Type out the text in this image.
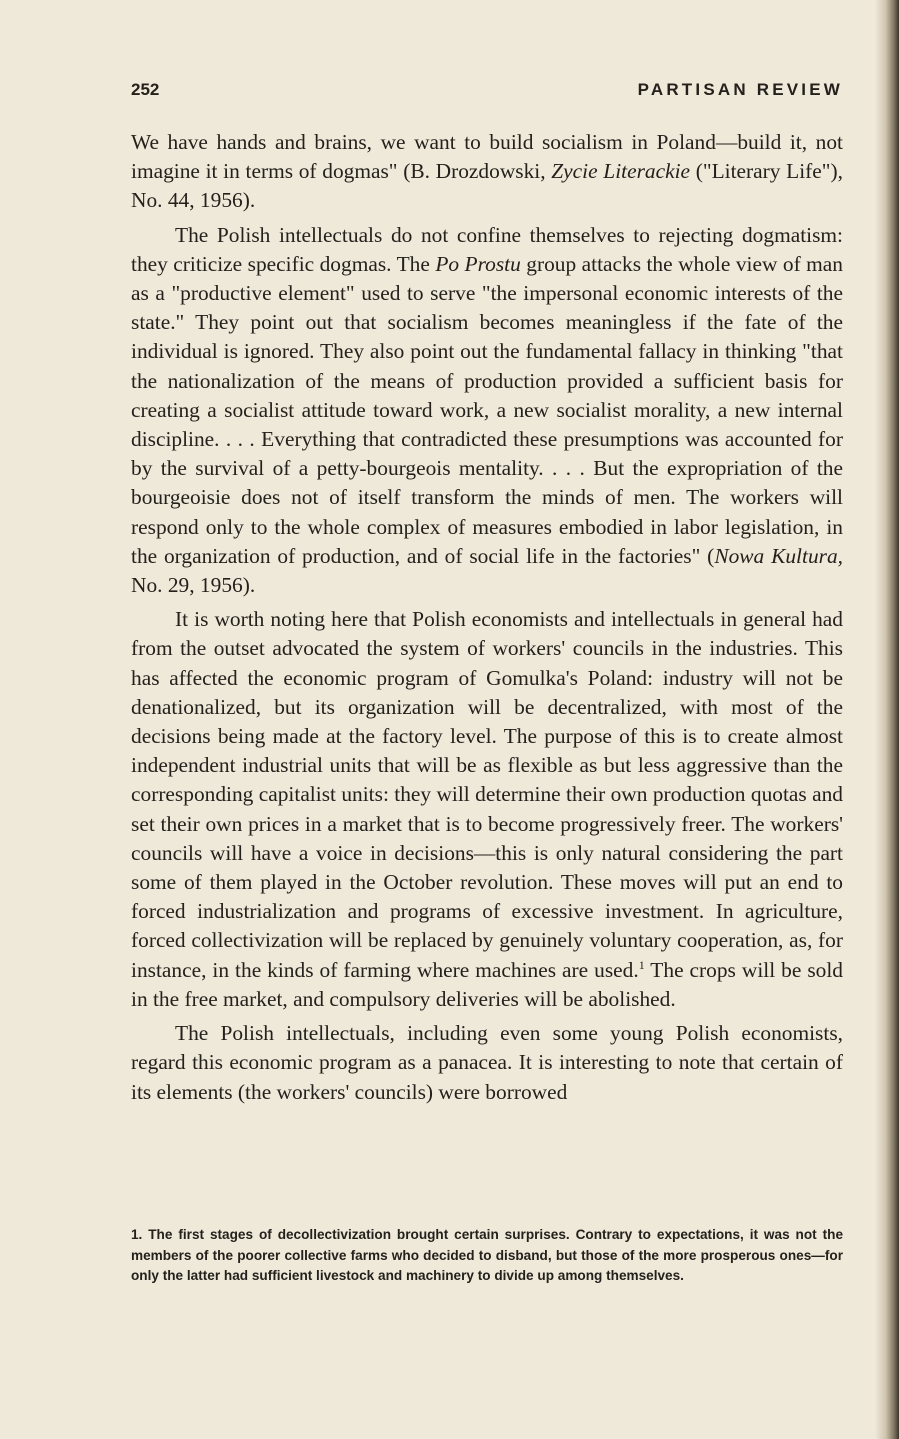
252	PARTISAN REVIEW

We have hands and brains, we want to build socialism in Poland—build it, not imagine it in terms of dogmas" (B. Drozdowski, Zycie Literackie ("Literary Life"), No. 44, 1956).

The Polish intellectuals do not confine themselves to rejecting dogmatism: they criticize specific dogmas. The Po Prostu group attacks the whole view of man as a "productive element" used to serve "the impersonal economic interests of the state." They point out that socialism becomes meaningless if the fate of the individual is ignored. They also point out the fundamental fallacy in thinking "that the nationalization of the means of production provided a sufficient basis for creating a socialist attitude toward work, a new socialist morality, a new internal discipline. . . . Everything that contradicted these presumptions was accounted for by the survival of a petty-bourgeois mentality. . . . But the expropriation of the bourgeoisie does not of itself transform the minds of men. The workers will respond only to the whole complex of measures embodied in labor legislation, in the organization of production, and of social life in the factories" (Nowa Kultura, No. 29, 1956).

It is worth noting here that Polish economists and intellectuals in general had from the outset advocated the system of workers' councils in the industries. This has affected the economic program of Gomulka's Poland: industry will not be denationalized, but its organization will be decentralized, with most of the decisions being made at the factory level. The purpose of this is to create almost independent industrial units that will be as flexible as but less aggressive than the corresponding capitalist units: they will determine their own production quotas and set their own prices in a market that is to become progressively freer. The workers' councils will have a voice in decisions—this is only natural considering the part some of them played in the October revolution. These moves will put an end to forced industrialization and programs of excessive investment. In agriculture, forced collectivization will be replaced by genuinely voluntary cooperation, as, for instance, in the kinds of farming where machines are used.$^1$ The crops will be sold in the free market, and compulsory deliveries will be abolished.

The Polish intellectuals, including even some young Polish economists, regard this economic program as a panacea. It is interesting to note that certain of its elements (the workers' councils) were borrowed

1. The first stages of decollectivization brought certain surprises. Contrary to expectations, it was not the members of the poorer collective farms who decided to disband, but those of the more prosperous ones—for only the latter had sufficient livestock and machinery to divide up among themselves.
